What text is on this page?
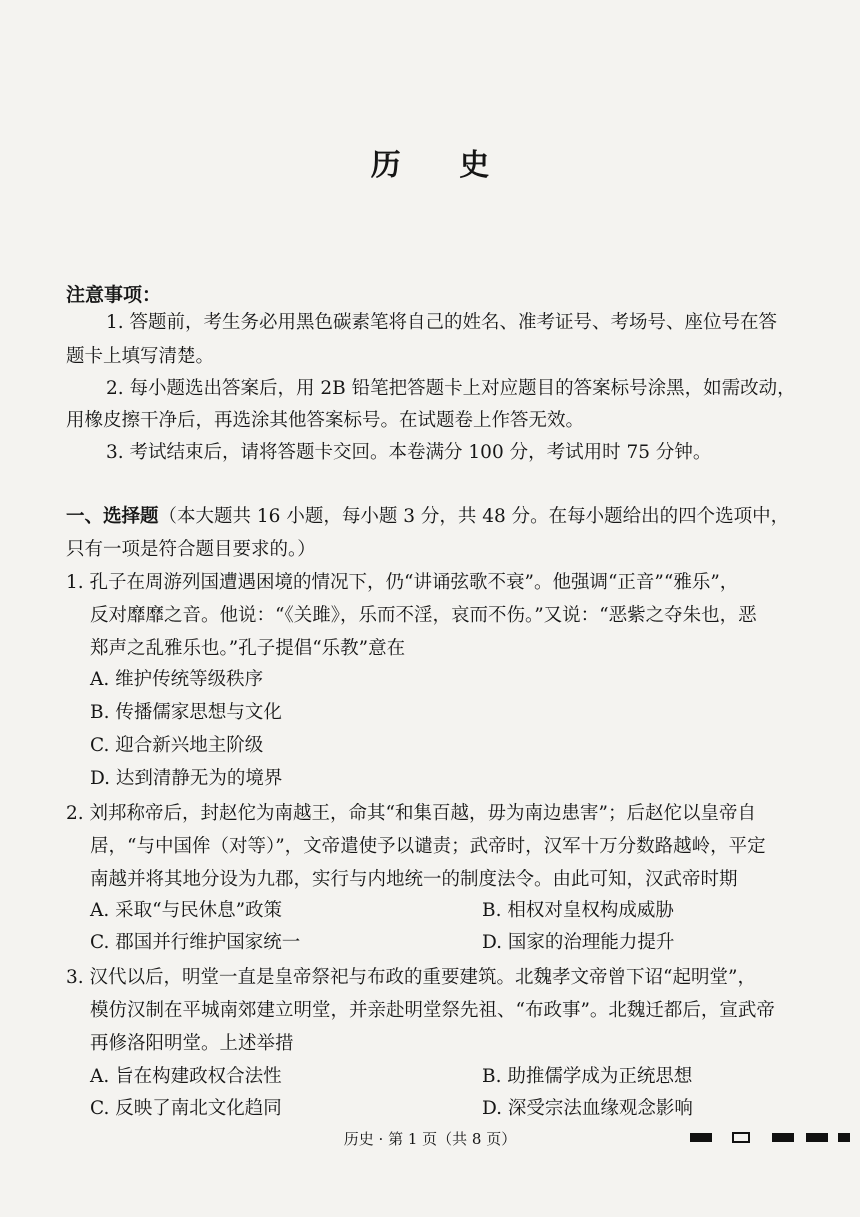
历 史
注意事项：
1. 答题前，考生务必用黑色碳素笔将自己的姓名、准考证号、考场号、座位号在答
题卡上填写清楚。
2. 每小题选出答案后，用 2B 铅笔把答题卡上对应题目的答案标号涂黑，如需改动，
用橡皮擦干净后，再选涂其他答案标号。在试题卷上作答无效。
3. 考试结束后，请将答题卡交回。本卷满分 100 分，考试用时 75 分钟。
一、选择题（本大题共 16 小题，每小题 3 分，共 48 分。在每小题给出的四个选项中，
只有一项是符合题目要求的。）
1. 孔子在周游列国遭遇困境的情况下，仍“讲诵弦歌不衰”。他强调“正音”“雅乐”，
反对靡靡之音。他说：“《关雎》，乐而不淫，哀而不伤。”又说：“恶紫之夺朱也，恶
郑声之乱雅乐也。”孔子提倡“乐教”意在
A. 维护传统等级秩序
B. 传播儒家思想与文化
C. 迎合新兴地主阶级
D. 达到清静无为的境界
2. 刘邦称帝后，封赵佗为南越王，命其“和集百越，毋为南边患害”；后赵佗以皇帝自
居，“与中国侔（对等）”，文帝遣使予以谴责；武帝时，汉军十万分数路越岭，平定
南越并将其地分设为九郡，实行与内地统一的制度法令。由此可知，汉武帝时期
A. 采取“与民休息”政策	B. 相权对皇权构成威胁
C. 郡国并行维护国家统一	D. 国家的治理能力提升
3. 汉代以后，明堂一直是皇帝祭祀与布政的重要建筑。北魏孝文帝曾下诏“起明堂”，
模仿汉制在平城南郊建立明堂，并亲赴明堂祭先祖、“布政事”。北魏迁都后，宣武帝
再修洛阳明堂。上述举措
A. 旨在构建政权合法性	B. 助推儒学成为正统思想
C. 反映了南北文化趋同	D. 深受宗法血缘观念影响
历史 · 第 1 页（共 8 页）
